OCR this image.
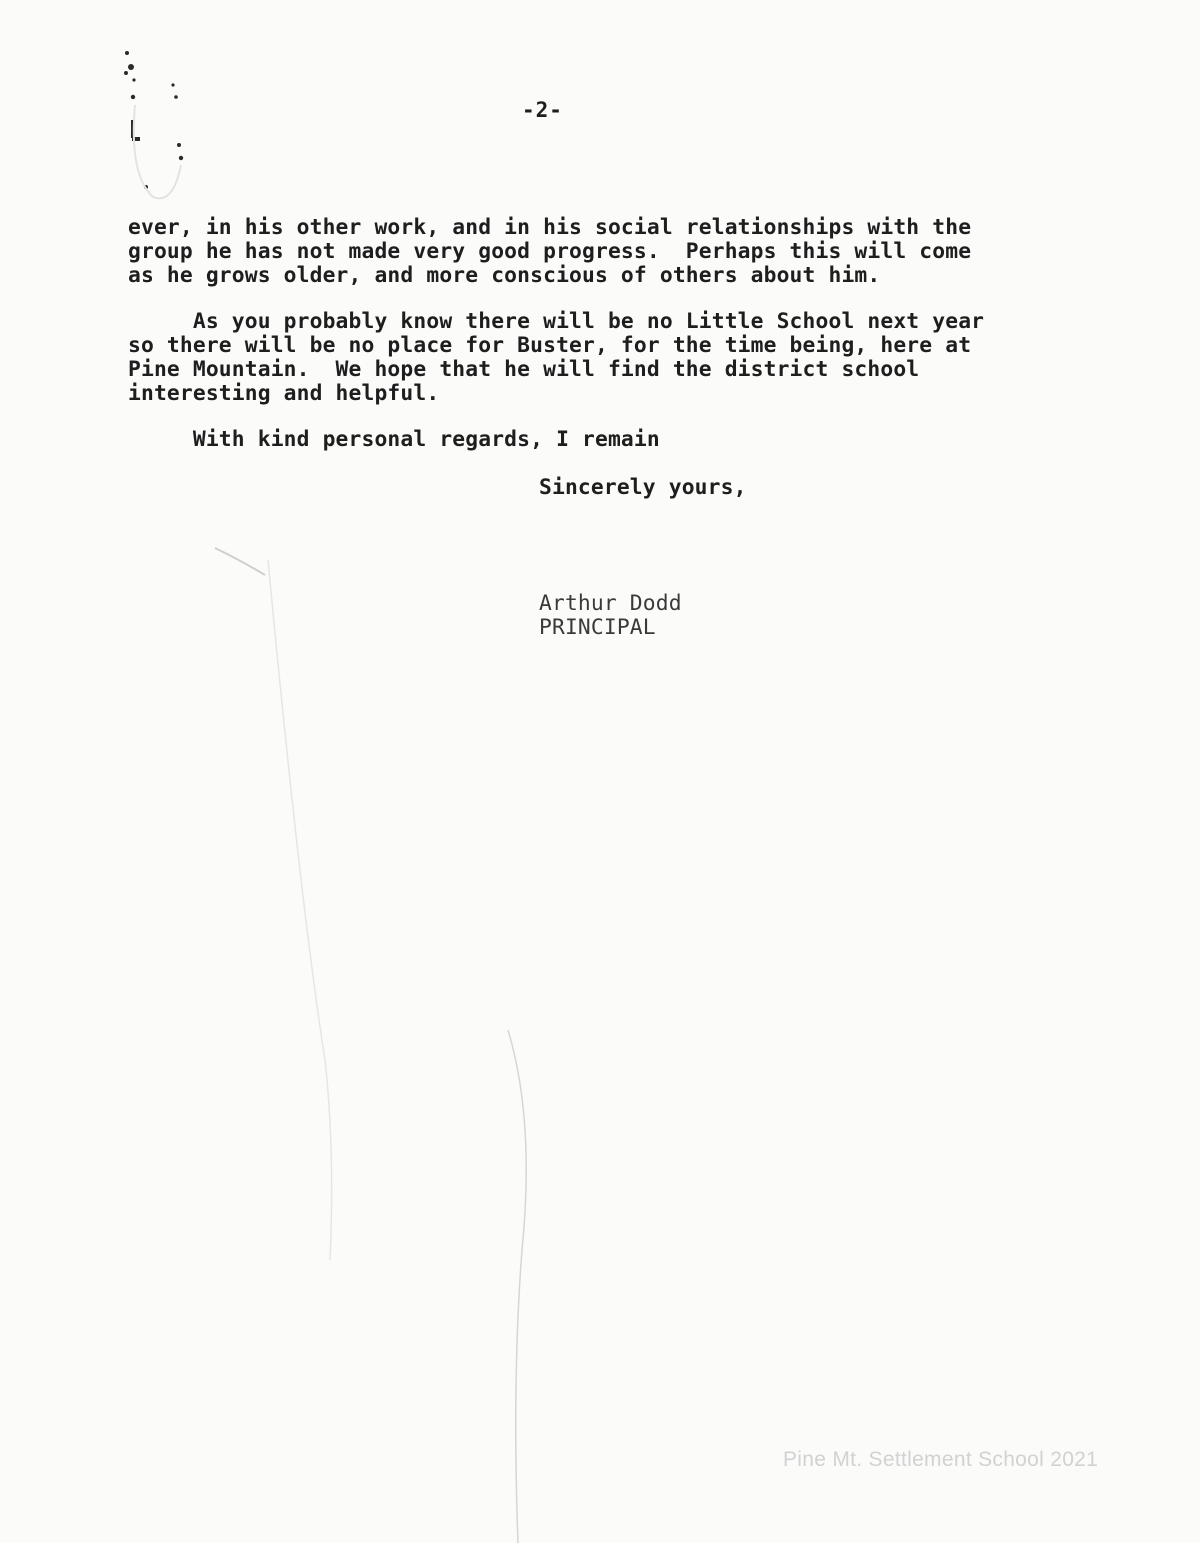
-2-
ever, in his other work, and in his social relationships with the
group he has not made very good progress.  Perhaps this will come
as he grows older, and more conscious of others about him.
As you probably know there will be no Little School next year
so there will be no place for Buster, for the time being, here at
Pine Mountain.  We hope that he will find the district school
interesting and helpful.
With kind personal regards, I remain
Sincerely yours,
Arthur Dodd
PRINCIPAL
Pine Mt. Settlement School 2021
